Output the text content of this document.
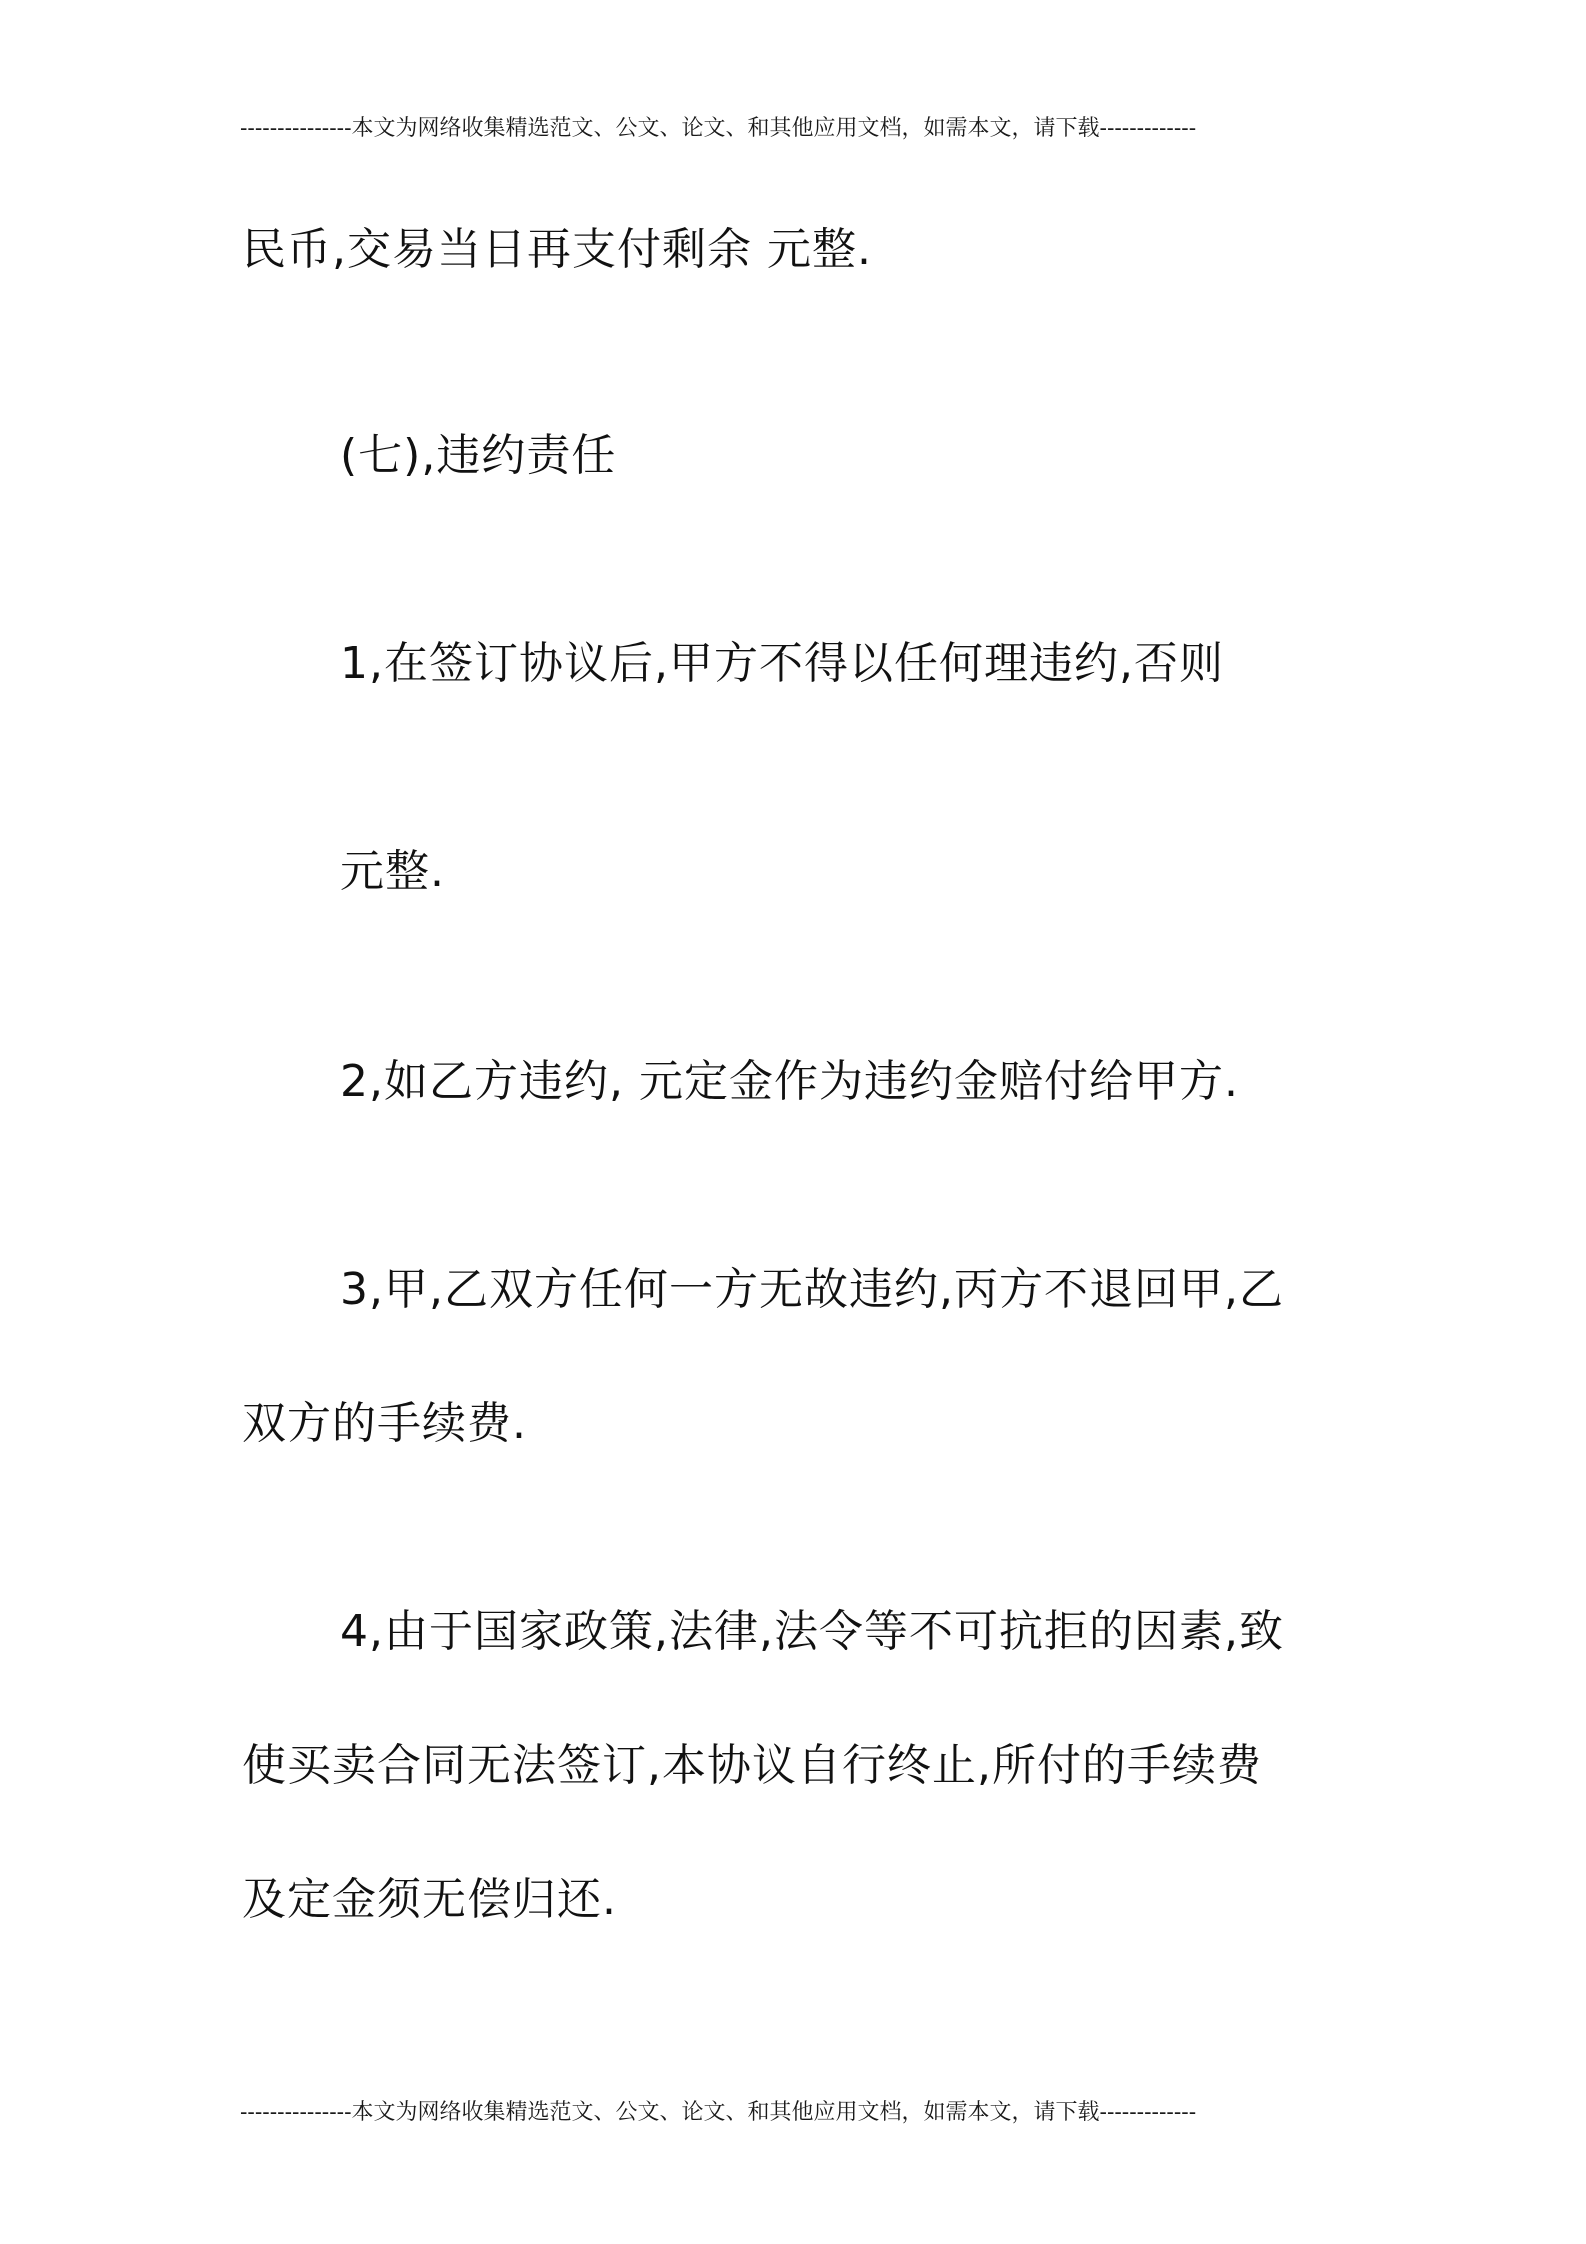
---------------本文为网络收集精选范文、公文、论文、和其他应用文档，如需本文，请下载-------------
民币,交易当日再支付剩余 元整.
(七),违约责任
1,在签订协议后,甲方不得以任何理违约,否则
元整.
2,如乙方违约, 元定金作为违约金赔付给甲方.
3,甲,乙双方任何一方无故违约,丙方不退回甲,乙
双方的手续费.
4,由于国家政策,法律,法令等不可抗拒的因素,致
使买卖合同无法签订,本协议自行终止,所付的手续费
及定金须无偿归还.
---------------本文为网络收集精选范文、公文、论文、和其他应用文档，如需本文，请下载-------------
